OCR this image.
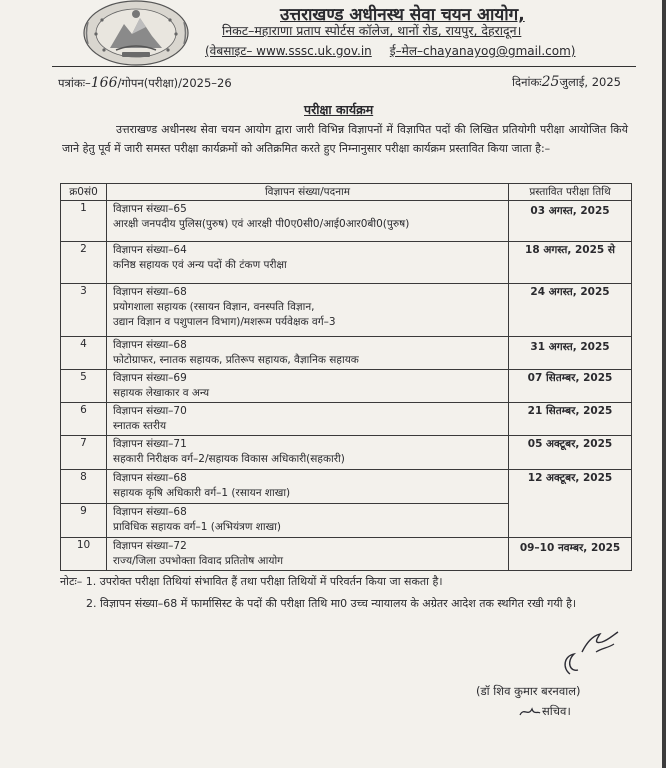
उत्तराखण्ड अधीनस्थ सेवा चयन आयोग,
निकट–महाराणा प्रताप स्पोर्टस कॉलेज, थानों रोड, रायपुर, देहरादून।
(वेबसाइट– www.sssc.uk.gov.in ई–मेल–chayanayog@gmail.com)
पत्रांकः–166/गोपन(परीक्षा)/2025–26	दिनांकः25जुलाई, 2025
परीक्षा कार्यक्रम
उत्तराखण्ड अधीनस्थ सेवा चयन आयोग द्वारा जारी विभिन्न विज्ञापनों में विज्ञापित पदों की लिखित प्रतियोगी परीक्षा आयोजित किये जाने हेतु पूर्व में जारी समस्त परीक्षा कार्यक्रमों को अतिक्रमित करते हुए निम्नानुसार परीक्षा कार्यक्रम प्रस्तावित किया जाता है:–
क्र0सं0	विज्ञापन संख्या/पदनाम	प्रस्तावित परीक्षा तिथि
1	विज्ञापन संख्या–65
आरक्षी जनपदीय पुलिस(पुरुष) एवं आरक्षी पी0ए0सी0/आई0आर0बी0(पुरुष)	03 अगस्त, 2025
2	विज्ञापन संख्या–64
कनिष्ठ सहायक एवं अन्य पदों की टंकण परीक्षा	18 अगस्त, 2025 से
3	विज्ञापन संख्या–68
प्रयोगशाला सहायक (रसायन विज्ञान, वनस्पति विज्ञान,
उद्यान विज्ञान व पशुपालन विभाग)/मशरूम पर्यवेक्षक वर्ग–3	24 अगस्त, 2025
4	विज्ञापन संख्या–68
फोटोग्राफर, स्नातक सहायक, प्रतिरूप सहायक, वैज्ञानिक सहायक	31 अगस्त, 2025
5	विज्ञापन संख्या–69
सहायक लेखाकार व अन्य	07 सितम्बर, 2025
6	विज्ञापन संख्या–70
स्नातक स्तरीय	21 सितम्बर, 2025
7	विज्ञापन संख्या–71
सहकारी निरीक्षक वर्ग–2/सहायक विकास अधिकारी(सहकारी)	05 अक्टूबर, 2025
8	विज्ञापन संख्या–68
सहायक कृषि अधिकारी वर्ग–1 (रसायन शाखा)	12 अक्टूबर, 2025
9	विज्ञापन संख्या–68
प्राविधिक सहायक वर्ग–1 (अभियंत्रण शाखा)	

10	विज्ञापन संख्या–72
राज्य/जिला उपभोक्ता विवाद प्रतितोष आयोग	09–10 नवम्बर, 2025
नोटः– 1. उपरोक्त परीक्षा तिथियां संभावित हैं तथा परीक्षा तिथियों में परिवर्तन किया जा सकता है।
2. विज्ञापन संख्या–68 में फार्मासिस्ट के पदों की परीक्षा तिथि मा0 उच्च न्यायालय के अग्रेतर आदेश तक स्थगित रखी गयी है।
(डॉ शिव कुमार बरनवाल)
सचिव।
